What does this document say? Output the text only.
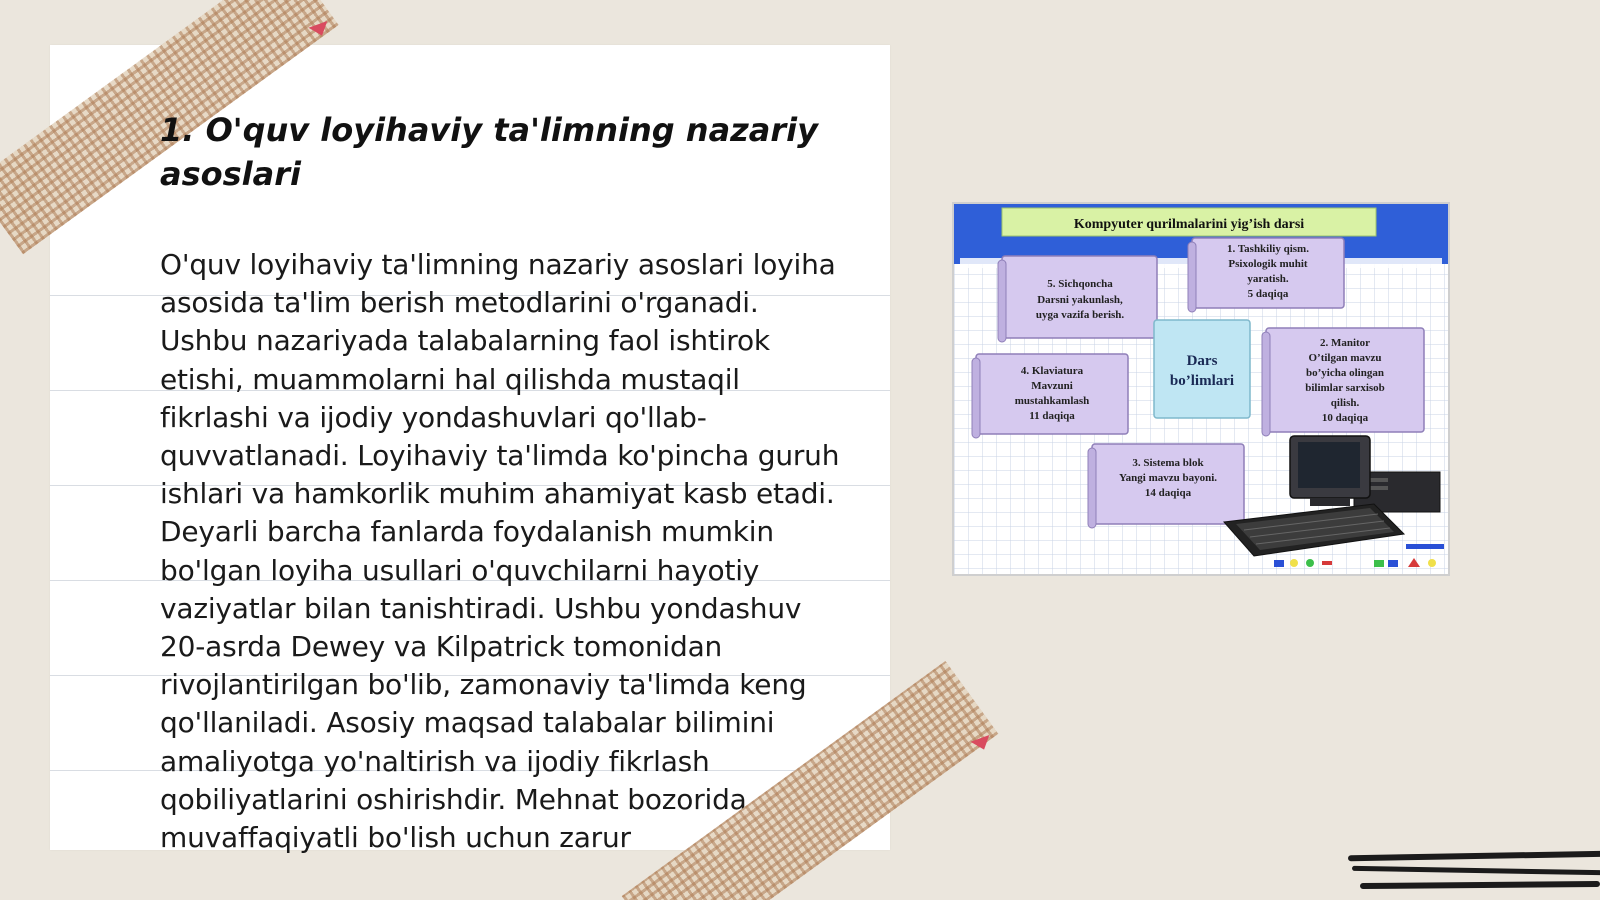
1. O'quv loyihaviy ta'limning nazariy asoslari

O'quv loyihaviy ta'limning nazariy asoslari loyiha asosida ta'lim berish metodlarini o'rganadi. Ushbu nazariyada talabalarning faol ishtirok etishi, muammolarni hal qilishda mustaqil fikrlashi va ijodiy yondashuvlari qo'llab-quvvatlanadi. Loyihaviy ta'limda ko'pincha guruh ishlari va hamkorlik muhim ahamiyat kasb etadi. Deyarli barcha fanlarda foydalanish mumkin bo'lgan loyiha usullari o'quvchilarni hayotiy vaziyatlar bilan tanishtiradi. Ushbu yondashuv 20-asrda Dewey va Kilpatrick tomonidan rivojlantirilgan bo'lib, zamonaviy ta'limda keng qo'llaniladi. Asosiy maqsad talabalar bilimini amaliyotga yo'naltirish va ijodiy fikrlash qobiliyatlarini oshirishdir. Mehnat bozorida muvaffaqiyatli bo'lish uchun zarur

Kompyuter qurilmalarini yig’ish darsi
5. Sichqoncha
Darsni yakunlash,
uyga vazifa berish.
1. Tashkiliy qism.
Psixologik muhit
yaratish.
5 daqiqa
Dars
bo’limlari
4. Klaviatura
Mavzuni
mustahkamlash
11 daqiqa
2. Manitor
O’tilgan mavzu
bo’yicha olingan
bilimlar sarxisob
qilish.
10 daqiqa
3. Sistema blok
Yangi mavzu bayoni.
14 daqiqa
